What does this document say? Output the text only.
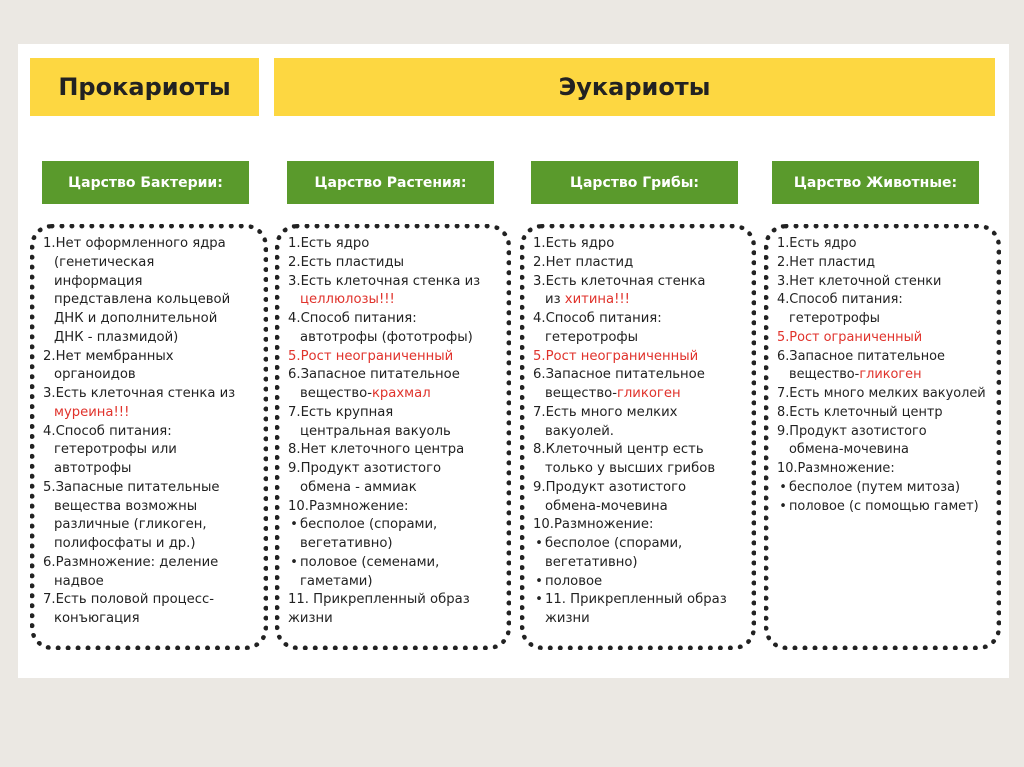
Прокариоты	Эукариоты
Царство Бактерии:	Царство Растения:	Царство Грибы:	Царство Животные:
1.Нет оформленного ядра
(генетическая
информация
представлена кольцевой
ДНК и дополнительной
ДНК - плазмидой)
2.Нет мембранных
органоидов
3.Есть клеточная стенка из
муреина!!!
4.Способ питания:
гетеротрофы или
автотрофы
5.Запасные питательные
вещества возможны
различные (гликоген,
полифосфаты и др.)
6.Размножение: деление
надвое
7.Есть половой процесс-
конъюгация
1.Есть ядро
2.Есть пластиды
3.Есть клеточная стенка из
целлюлозы!!!
4.Способ питания:
автотрофы (фототрофы)
5.Рост неограниченный
6.Запасное питательное
вещество-крахмал
7.Есть крупная
центральная вакуоль
8.Нет клеточного центра
9.Продукт азотистого
обмена - аммиак
10.Размножение:
• бесполое (спорами,
вегетативно)
• половое (семенами,
гаметами)
11. Прикрепленный образ
жизни
1.Есть ядро
2.Нет пластид
3.Есть клеточная стенка
из хитина!!!
4.Способ питания:
гетеротрофы
5.Рост неограниченный
6.Запасное питательное
вещество-гликоген
7.Есть много мелких
вакуолей.
8.Клеточный центр есть
только у высших грибов
9.Продукт азотистого
обмена-мочевина
10.Размножение:
• бесполое (спорами,
вегетативно)
• половое
• 11. Прикрепленный образ
жизни
1.Есть ядро
2.Нет пластид
3.Нет клеточной стенки
4.Способ питания:
гетеротрофы
5.Рост ограниченный
6.Запасное питательное
вещество-гликоген
7.Есть много мелких вакуолей
8.Есть клеточный центр
9.Продукт азотистого
обмена-мочевина
10.Размножение:
• бесполое (путем митоза)
• половое (с помощью гамет)
